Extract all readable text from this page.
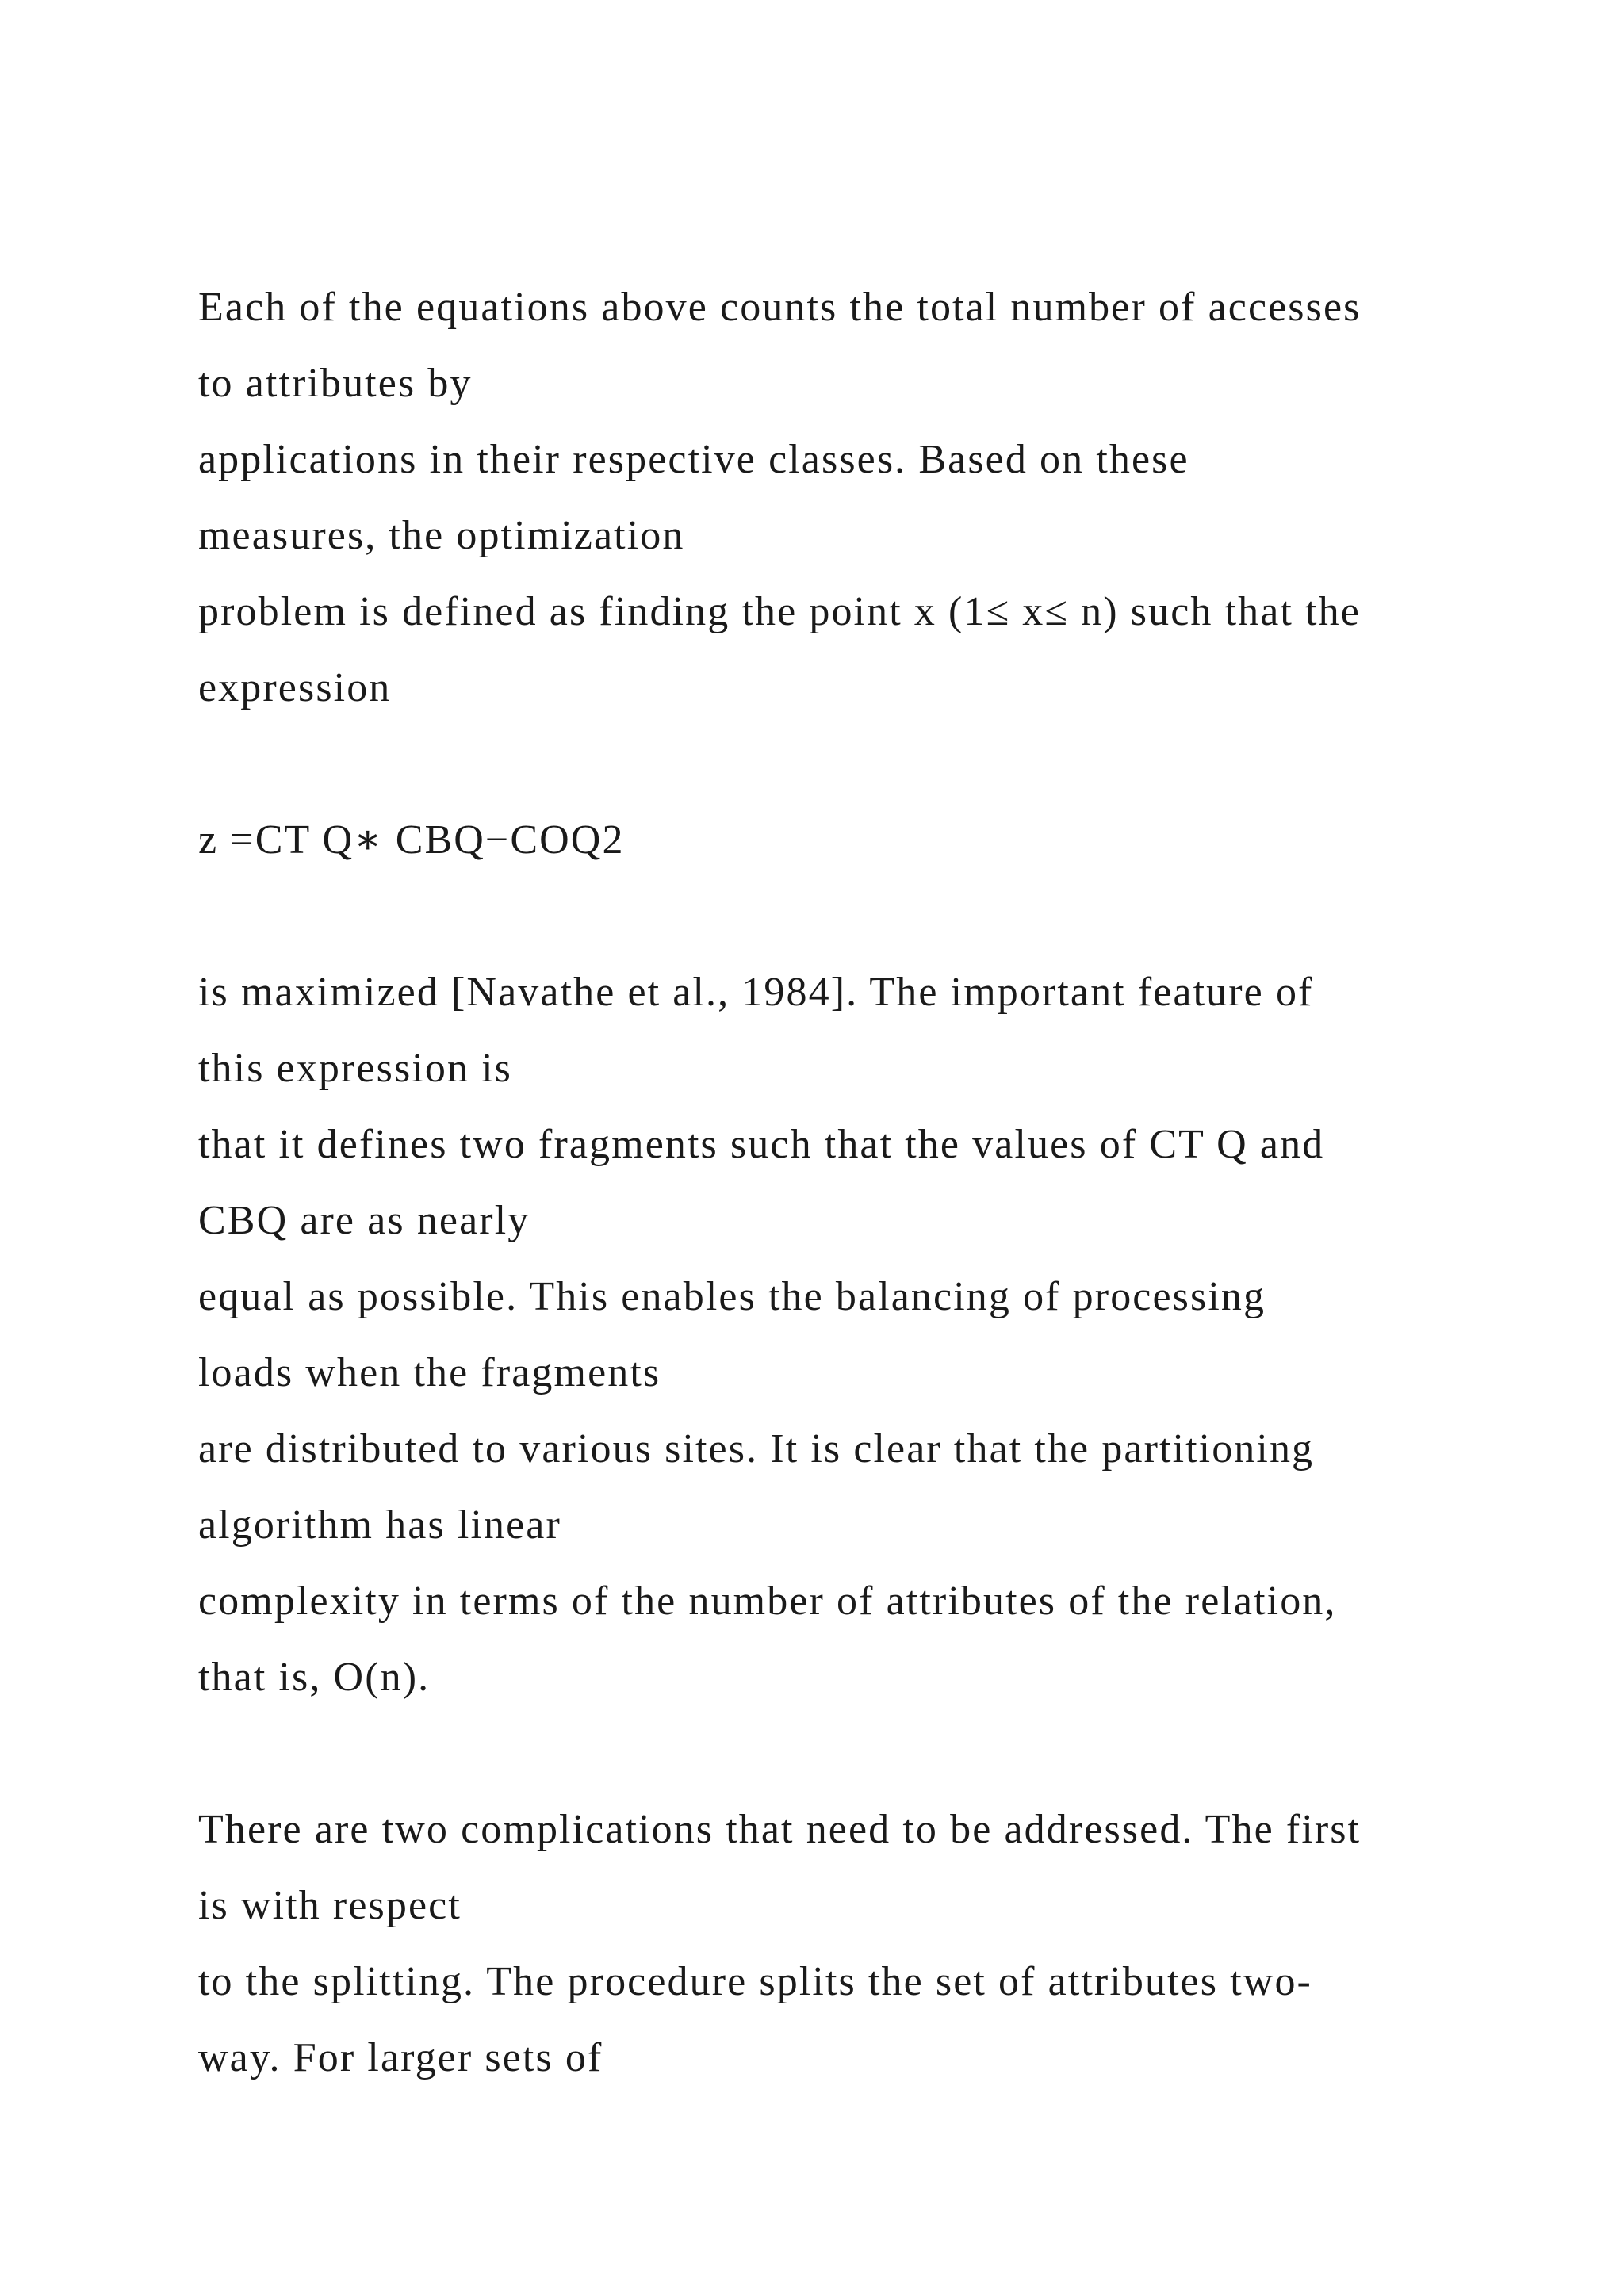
Each of the equations above counts the total number of accesses
to attributes by
applications in their respective classes. Based on these
measures, the optimization
problem is defined as finding the point x (1≤ x≤ n) such that the
expression
z =CT Q∗ CBQ−COQ2
is maximized [Navathe et al., 1984]. The important feature of
this expression is
that it defines two fragments such that the values of CT Q and
CBQ are as nearly
equal as possible. This enables the balancing of processing
loads when the fragments
are distributed to various sites. It is clear that the partitioning
algorithm has linear
complexity in terms of the number of attributes of the relation,
that is, O(n).
There are two complications that need to be addressed. The first
is with respect
to the splitting. The procedure splits the set of attributes two-
way. For larger sets of
